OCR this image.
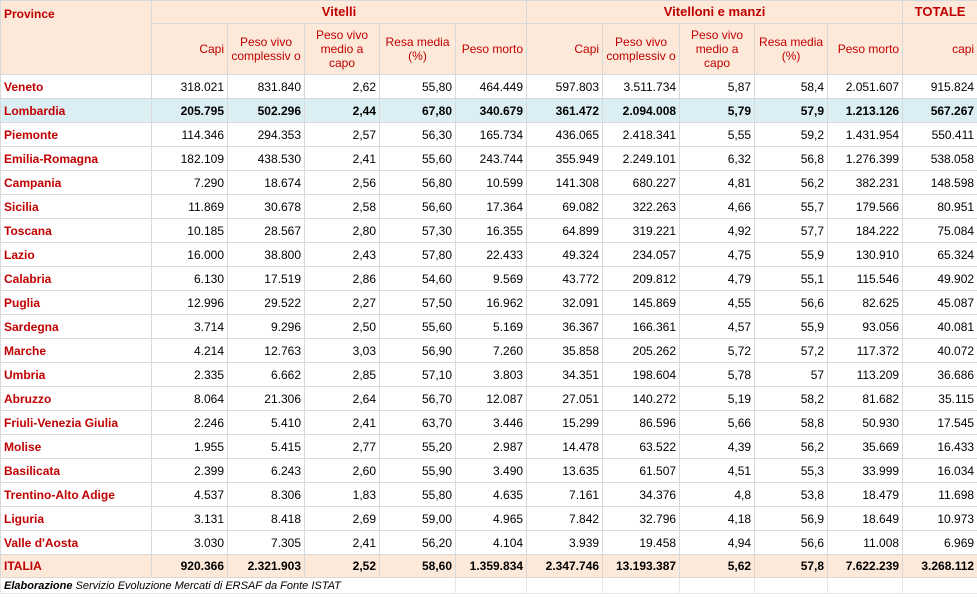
Province	Vitelli					Vitelloni e manzi					TOTALE
	Capi	Peso vivo complessiv o	Peso vivo medio a capo	Resa media (%)	Peso morto	Capi	Peso vivo complessiv o	Peso vivo medio a capo	Resa media (%)	Peso morto	capi
Veneto	318.021	831.840	2,62	55,80	464.449	597.803	3.511.734	5,87	58,4	2.051.607	915.824
Lombardia	205.795	502.296	2,44	67,80	340.679	361.472	2.094.008	5,79	57,9	1.213.126	567.267
Piemonte	114.346	294.353	2,57	56,30	165.734	436.065	2.418.341	5,55	59,2	1.431.954	550.411
Emilia-Romagna	182.109	438.530	2,41	55,60	243.744	355.949	2.249.101	6,32	56,8	1.276.399	538.058
Campania	7.290	18.674	2,56	56,80	10.599	141.308	680.227	4,81	56,2	382.231	148.598
Sicilia	11.869	30.678	2,58	56,60	17.364	69.082	322.263	4,66	55,7	179.566	80.951
Toscana	10.185	28.567	2,80	57,30	16.355	64.899	319.221	4,92	57,7	184.222	75.084
Lazio	16.000	38.800	2,43	57,80	22.433	49.324	234.057	4,75	55,9	130.910	65.324
Calabria	6.130	17.519	2,86	54,60	9.569	43.772	209.812	4,79	55,1	115.546	49.902
Puglia	12.996	29.522	2,27	57,50	16.962	32.091	145.869	4,55	56,6	82.625	45.087
Sardegna	3.714	9.296	2,50	55,60	5.169	36.367	166.361	4,57	55,9	93.056	40.081
Marche	4.214	12.763	3,03	56,90	7.260	35.858	205.262	5,72	57,2	117.372	40.072
Umbria	2.335	6.662	2,85	57,10	3.803	34.351	198.604	5,78	57	113.209	36.686
Abruzzo	8.064	21.306	2,64	56,70	12.087	27.051	140.272	5,19	58,2	81.682	35.115
Friuli-Venezia Giulia	2.246	5.410	2,41	63,70	3.446	15.299	86.596	5,66	58,8	50.930	17.545
Molise	1.955	5.415	2,77	55,20	2.987	14.478	63.522	4,39	56,2	35.669	16.433
Basilicata	2.399	6.243	2,60	55,90	3.490	13.635	61.507	4,51	55,3	33.999	16.034
Trentino-Alto Adige	4.537	8.306	1,83	55,80	4.635	7.161	34.376	4,8	53,8	18.479	11.698
Liguria	3.131	8.418	2,69	59,00	4.965	7.842	32.796	4,18	56,9	18.649	10.973
Valle d'Aosta	3.030	7.305	2,41	56,20	4.104	3.939	19.458	4,94	56,6	11.008	6.969
ITALIA	920.366	2.321.903	2,52	58,60	1.359.834	2.347.746	13.193.387	5,62	57,8	7.622.239	3.268.112
Elaborazione Servizio Evoluzione Mercati di ERSAF da Fonte ISTAT											
